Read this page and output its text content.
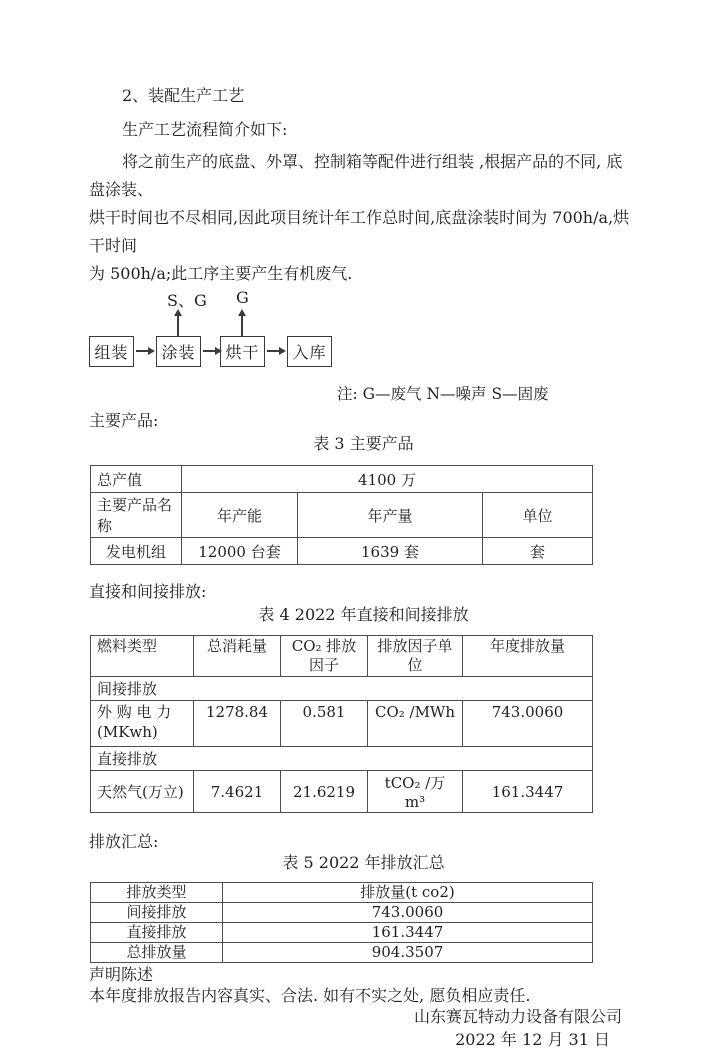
2、装配生产工艺
生产工艺流程简介如下:
将之前生产的底盘、外罩、控制箱等配件进行组装 ,根据产品的不同, 底盘涂装、
烘干时间也不尽相同,因此项目统计年工作总时间,底盘涂装时间为 700h/a,烘干时间
为 500h/a;此工序主要产生有机废气.
S、G G
组装	涂装	烘干	入库
注: G—废气 N—噪声 S—固废
主要产品:
表 3 主要产品
总产值	4100 万		
主要产品名称	年产能	年产量	单位
发电机组	12000 台套	1639 套	套
直接和间接排放:
表 4 2022 年直接和间接排放
燃料类型	总消耗量	CO₂ 排放因子	排放因子单位	年度排放量
间接排放				

外 购 电 力
(MKwh)	1278.84	0.581	CO₂ /MWh	743.0060
直接排放				
天然气(万立)	7.4621	21.6219	tCO₂ /万 m³	161.3447
排放汇总:
表 5 2022 年排放汇总
排放类型	排放量(t co2)
间接排放	743.0060
直接排放	161.3447
总排放量	904.3507
声明陈述
本年度排放报告内容真实、合法. 如有不实之处, 愿负相应责任.
山东赛瓦特动力设备有限公司
2022 年 12 月 31 日
